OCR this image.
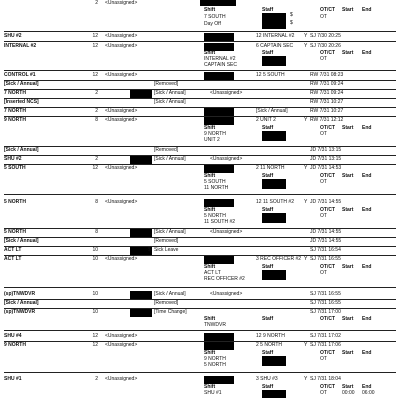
2 <Unassigned>
Shift	Staff	OT/CT Start End
7 SOUTH
Day Off
OT
$
$
SHU #2	12 <Unassigned>	12 INTERNAL #2 Y SJ 7/30 20:25
INTERNAL #2	12 <Unassigned>	6 CAPTAIN SEC Y SJ 7/30 20:26
Shift	Staff	OT/CT Start End
INTERNAL #2
CAPTAIN SEC
OT
CONTROL #1	12 <Unassigned>	12 5 SOUTH	RW 7/31 08:23
[Sick / Annual]	[Removed]	RW 7/31 09:24
7 NORTH	2	[Sick / Annual]	<Unassigned>	RW 7/31 09:24
[Inserted NCS]	[Sick / Annual]	RW 7/31 10:27
7 NORTH	2 <Unassigned>	[Sick / Annual]	RW 7/31 10:27
9 NORTH	8 <Unassigned>	2 UNIT 2	Y RW 7/31 12:12
Shift	Staff	OT/CT Start End
9 NORTH
UNIT 2
OT
[Sick / Annual]	[Removed]	JD 7/31 13:15
SHU #2	2	[Sick / Annual]	<Unassigned>	JD 7/31 13:15
5 SOUTH	12 <Unassigned>	2 11 NORTH	Y JD 7/31 14:53
Shift	Staff	OT/CT Start End
5 SOUTH
11 NORTH
OT
5 NORTH	8 <Unassigned>	12 11 SOUTH #2 Y JD 7/31 14:55
Shift	Staff	OT/CT Start End
5 NORTH
11 SOUTH #2
OT
5 NORTH	8	[Sick / Annual]	<Unassigned>	JD 7/31 14:55
[Sick / Annual]	[Removed]	JD 7/31 14:55
ACT LT	10	$ Sick Leave	SJ 7/31 16:54
ACT LT	10 <Unassigned>	3 REC OFFICER #2 Y SJ 7/31 16:55
Shift	Staff	OT/CT Start End
ACT LT
REC OFFICER #2
OT
(sp)TNWDVR	10	[Sick / Annual]	<Unassigned>	SJ 7/31 16:55
[Sick / Annual]	[Removed]	SJ 7/31 16:55
(sp)TNWDVR	10	[Time Change]	SJ 7/31 17:00
Shift	Staff	OT/CT Start End
TNWDVR
SHU #4	12 <Unassigned>	12 9 NORTH	SJ 7/31 17:02
9 NORTH	12 <Unassigned>	2 5 NORTH	Y SJ 7/31 17:06
Shift	Staff	OT/CT Start End
9 NORTH
5 NORTH
OT
SHU #1	2 <Unassigned>	3 SHU #3	Y SJ 7/31 18:04
Shift	Staff	OT/CT Start End
SHU #1	OT	00:00 06:00
